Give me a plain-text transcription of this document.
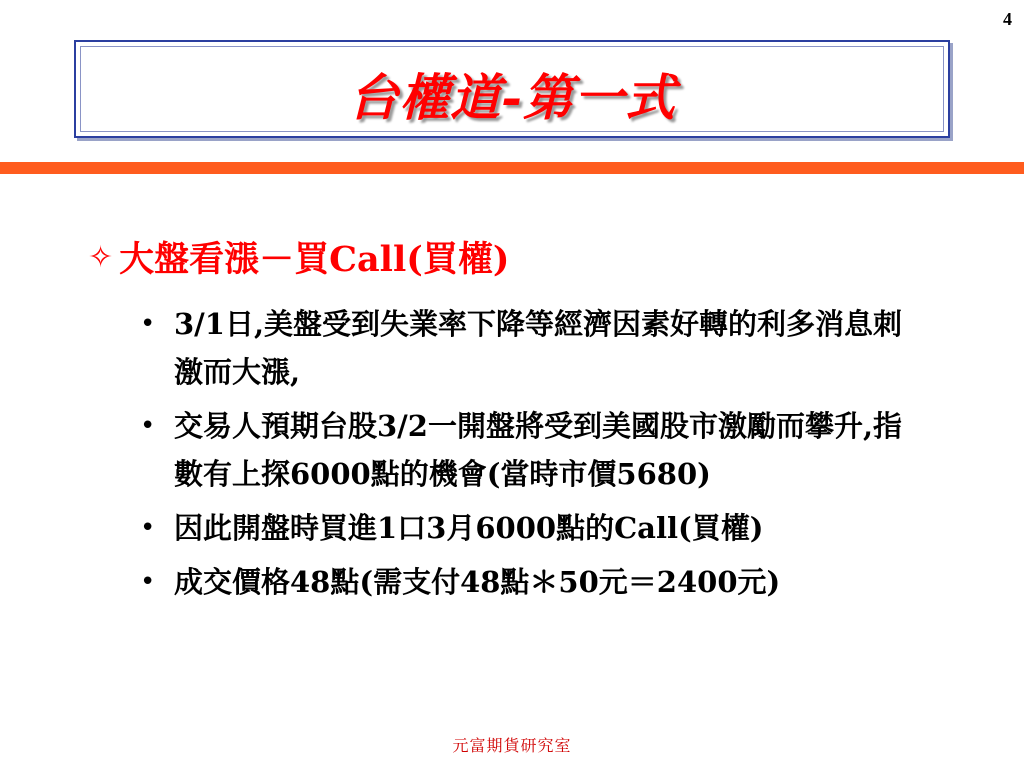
4
台權道-第一式
✧ 大盤看漲－買Call(買權)
• 3/1日,美盤受到失業率下降等經濟因素好轉的利多消息刺激而大漲,
• 交易人預期台股3/2一開盤將受到美國股市激勵而攀升,指數有上探6000點的機會(當時市價5680)
• 因此開盤時買進1口3月6000點的Call(買權)
• 成交價格48點(需支付48點＊50元＝2400元)
元富期貨研究室
